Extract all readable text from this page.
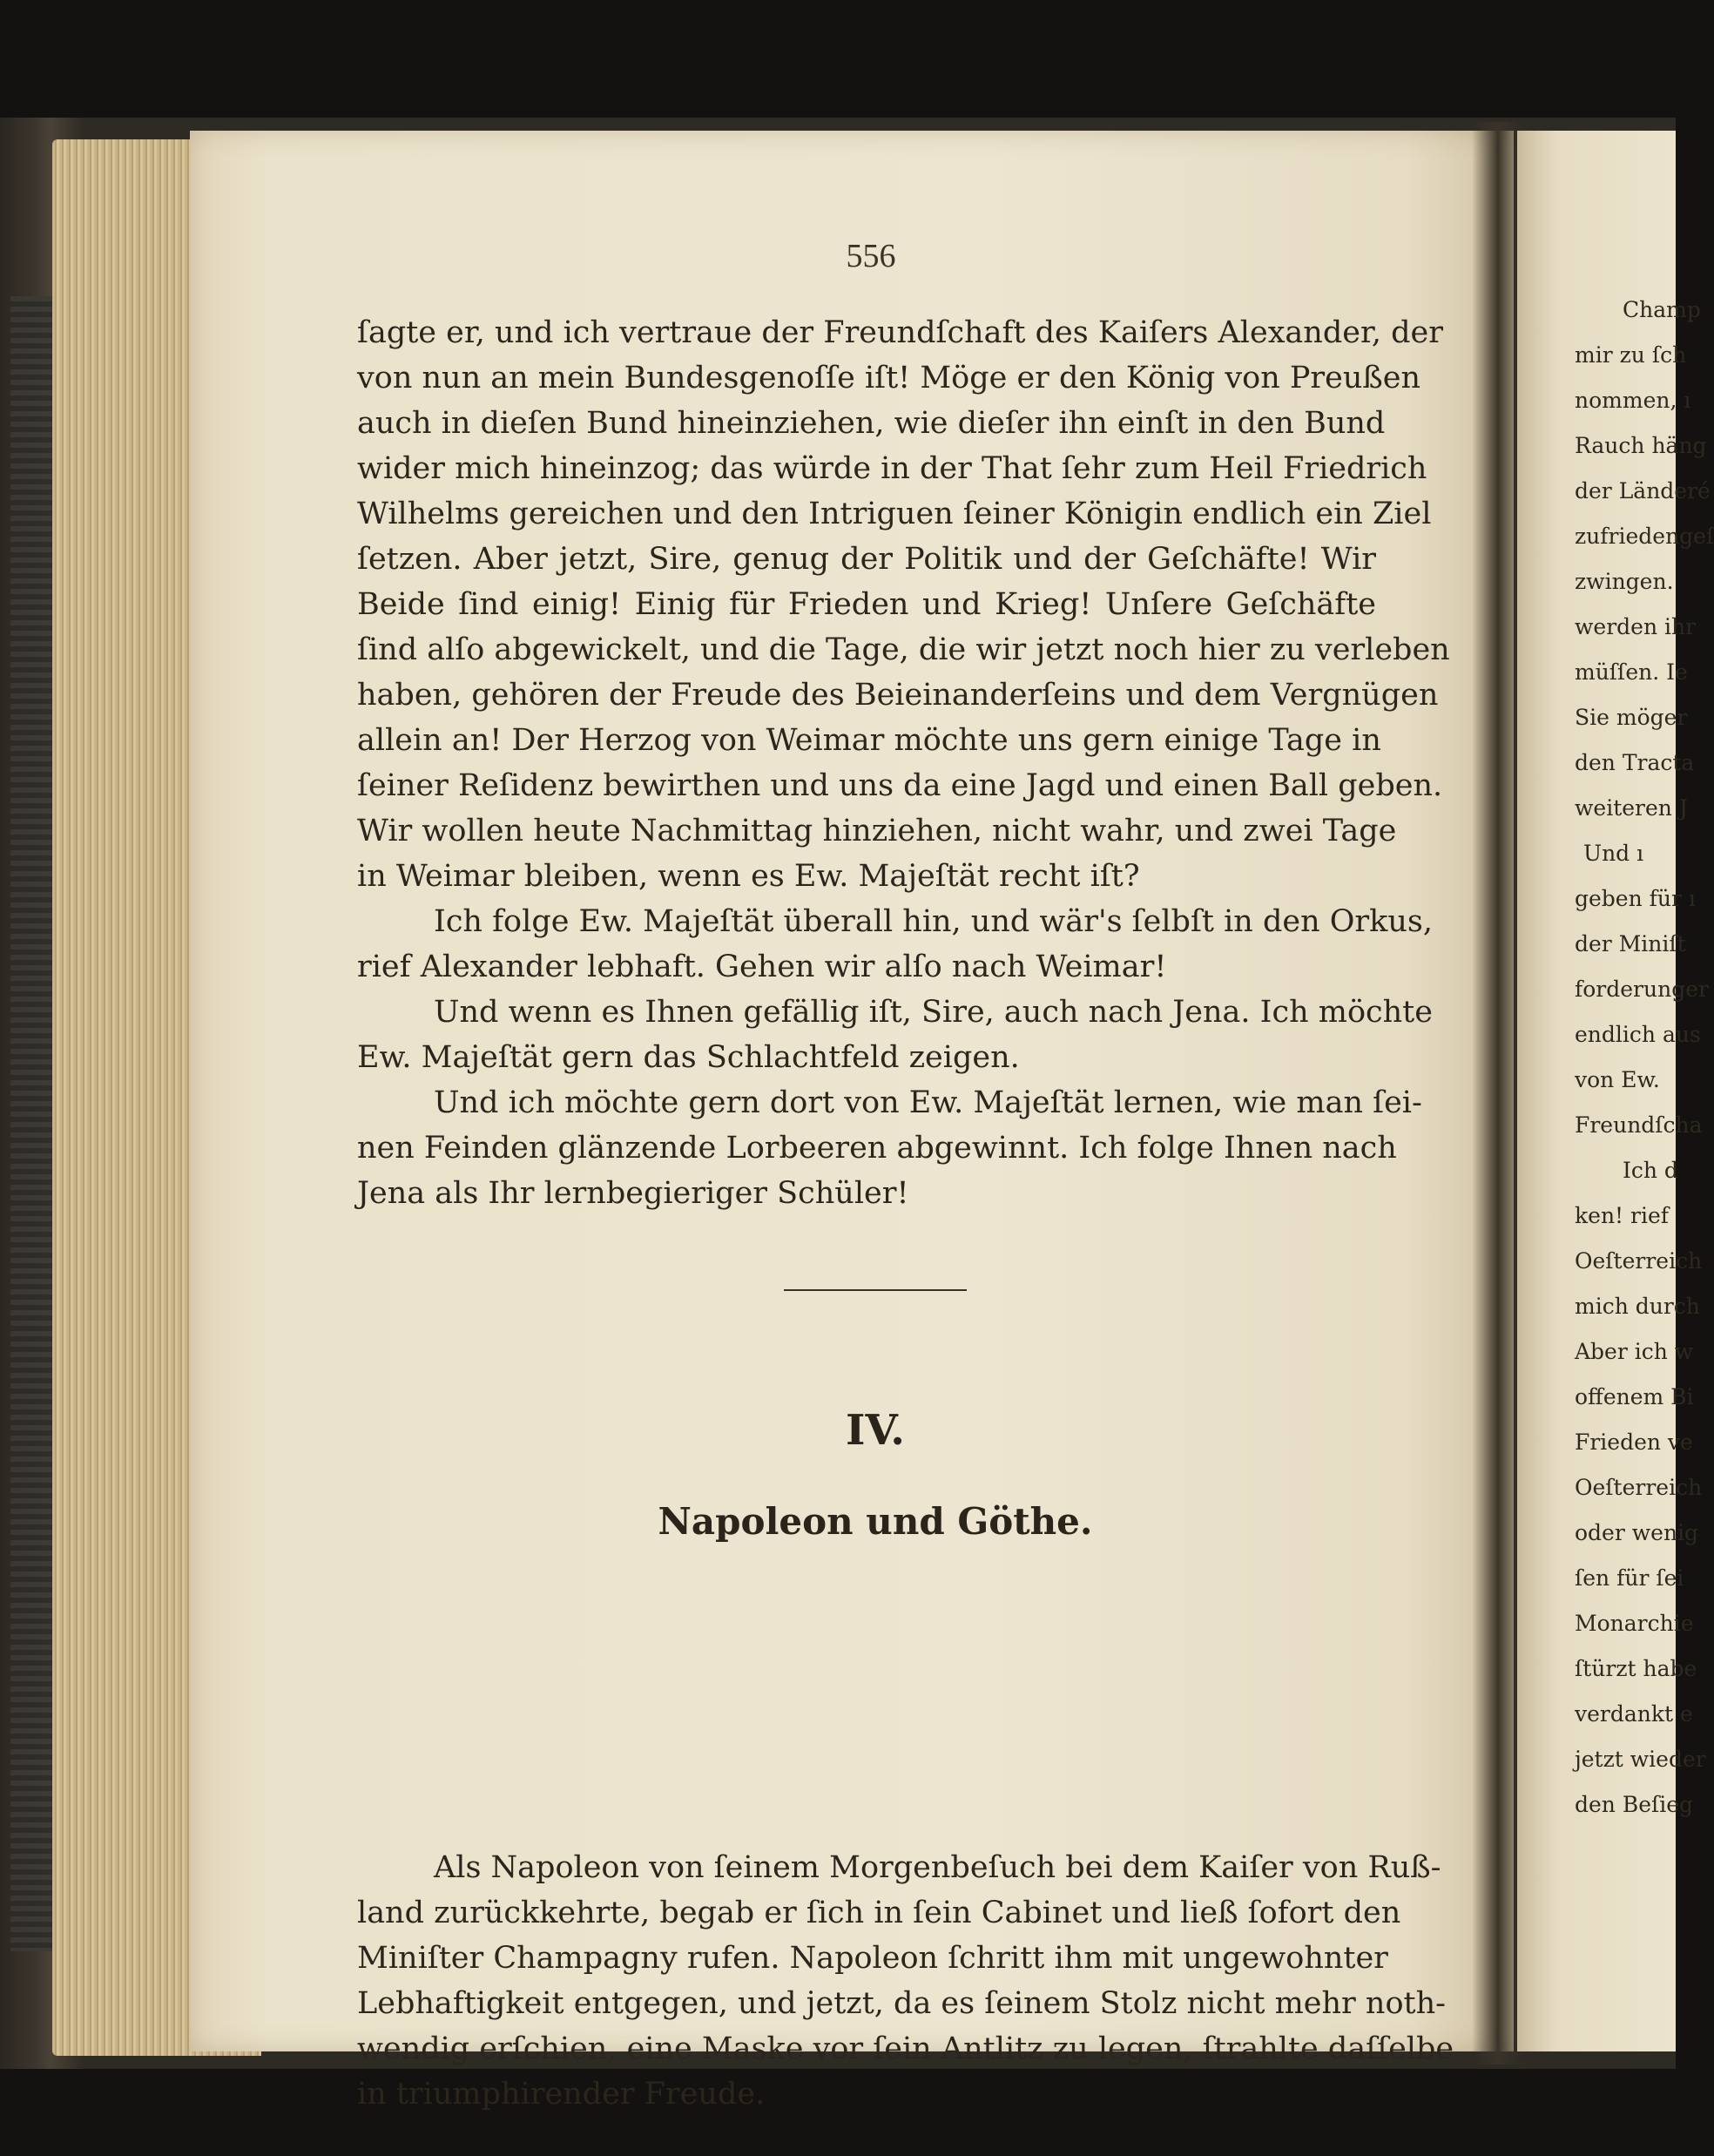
556
ſagte er, und ich vertraue der Freundſchaft des Kaiſers Alexander, der
von nun an mein Bundesgenoſſe iſt! Möge er den König von Preußen
auch in dieſen Bund hineinziehen, wie dieſer ihn einſt in den Bund
wider mich hineinzog; das würde in der That ſehr zum Heil Friedrich
Wilhelms gereichen und den Intriguen ſeiner Königin endlich ein Ziel
ſetzen. Aber jetzt, Sire, genug der Politik und der Geſchäfte! Wir
Beide ſind einig! Einig für Frieden und Krieg! Unſere Geſchäfte
ſind alſo abgewickelt, und die Tage, die wir jetzt noch hier zu verleben
haben, gehören der Freude des Beieinanderſeins und dem Vergnügen
allein an! Der Herzog von Weimar möchte uns gern einige Tage in
ſeiner Reſidenz bewirthen und uns da eine Jagd und einen Ball geben.
Wir wollen heute Nachmittag hinziehen, nicht wahr, und zwei Tage
in Weimar bleiben, wenn es Ew. Majeſtät recht iſt?
Ich folge Ew. Majeſtät überall hin, und wär's ſelbſt in den Orkus,
rief Alexander lebhaft. Gehen wir alſo nach Weimar!
Und wenn es Ihnen gefällig iſt, Sire, auch nach Jena. Ich möchte
Ew. Majeſtät gern das Schlachtfeld zeigen.
Und ich möchte gern dort von Ew. Majeſtät lernen, wie man ſei-
nen Feinden glänzende Lorbeeren abgewinnt. Ich folge Ihnen nach
Jena als Ihr lernbegieriger Schüler!
IV.
Napoleon und Göthe.
Als Napoleon von ſeinem Morgenbeſuch bei dem Kaiſer von Ruß-
land zurückkehrte, begab er ſich in ſein Cabinet und ließ ſofort den
Miniſter Champagny rufen. Napoleon ſchritt ihm mit ungewohnter
Lebhaftigkeit entgegen, und jetzt, da es ſeinem Stolz nicht mehr noth-
wendig erſchien, eine Maske vor ſein Antlitz zu legen, ſtrahlte daſſelbe
in triumphirender Freude.
Champ
mir zu ſch
nommen, ı
Rauch häng
der Länderé
zufriedengeſ
zwingen.
werden ihr
müſſen. Ie
Sie möger
den Tracta
weiteren J
Und ı
geben für ı
der Miniſt
forderunger
endlich aus
von Ew.
Freundſcha
Ich d
ken! rief
Oeſterreich
mich durch
Aber ich w
offenem Bi
Frieden ve
Oeſterreich
oder wenig
ſen für ſei
Monarchie
ſtürzt habe
verdankt e
jetzt wieder
den Beſieg
